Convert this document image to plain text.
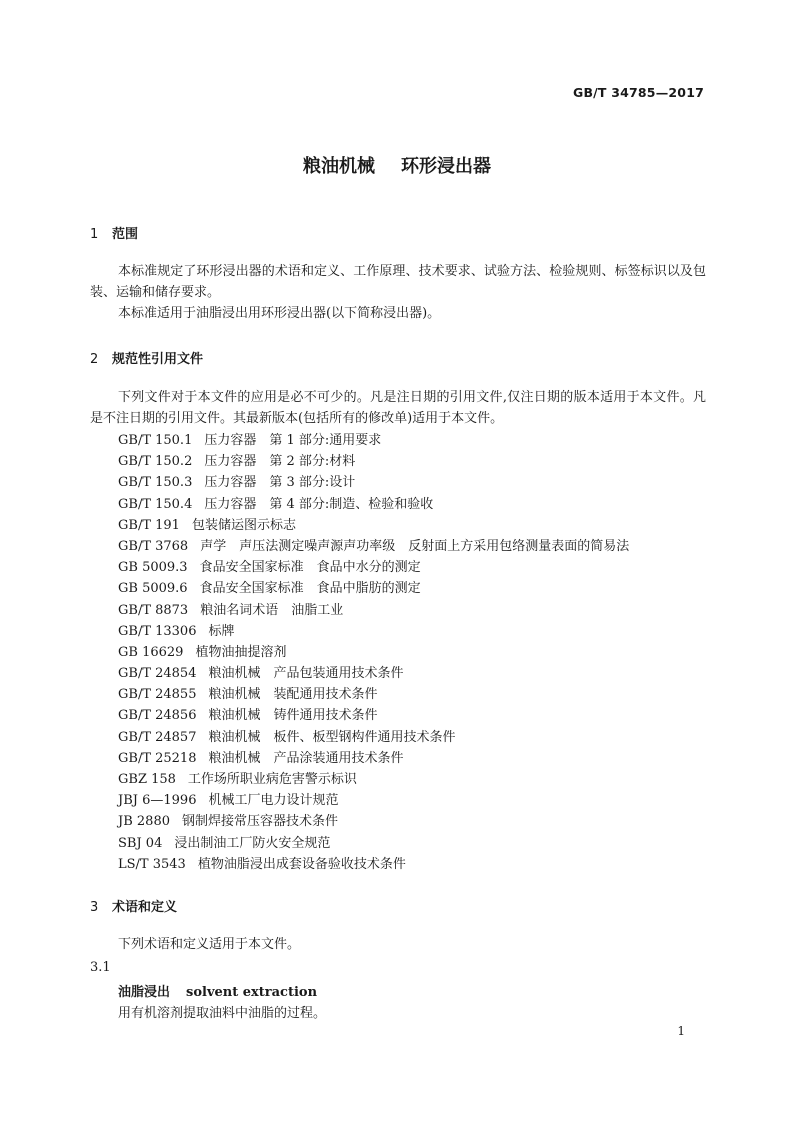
GB/T 34785—2017
粮油机械 环形浸出器
1 范围

本标准规定了环形浸出器的术语和定义、工作原理、技术要求、试验方法、检验规则、标签标识以及包装、运输和储存要求。

本标准适用于油脂浸出用环形浸出器(以下简称浸出器)。

2 规范性引用文件

下列文件对于本文件的应用是必不可少的。凡是注日期的引用文件,仅注日期的版本适用于本文件。凡是不注日期的引用文件。其最新版本(包括所有的修改单)适用于本文件。

GB/T 150.1 压力容器　第 1 部分:通用要求
GB/T 150.2 压力容器　第 2 部分:材料
GB/T 150.3 压力容器　第 3 部分:设计
GB/T 150.4 压力容器　第 4 部分:制造、检验和验收
GB/T 191 包装储运图示标志
GB/T 3768 声学　声压法测定噪声源声功率级　反射面上方采用包络测量表面的简易法
GB 5009.3 食品安全国家标准　食品中水分的测定
GB 5009.6 食品安全国家标准　食品中脂肪的测定
GB/T 8873 粮油名词术语　油脂工业
GB/T 13306 标牌
GB 16629 植物油抽提溶剂
GB/T 24854 粮油机械　产品包装通用技术条件
GB/T 24855 粮油机械　装配通用技术条件
GB/T 24856 粮油机械　铸件通用技术条件
GB/T 24857 粮油机械　板件、板型钢构件通用技术条件
GB/T 25218 粮油机械　产品涂装通用技术条件
GBZ 158 工作场所职业病危害警示标识
JBJ 6—1996 机械工厂电力设计规范
JB 2880 钢制焊接常压容器技术条件
SBJ 04 浸出制油工厂防火安全规范
LS/T 3543 植物油脂浸出成套设备验收技术条件
3 术语和定义

下列术语和定义适用于本文件。

3.1
油脂浸出 solvent extraction
用有机溶剂提取油料中油脂的过程。
1
